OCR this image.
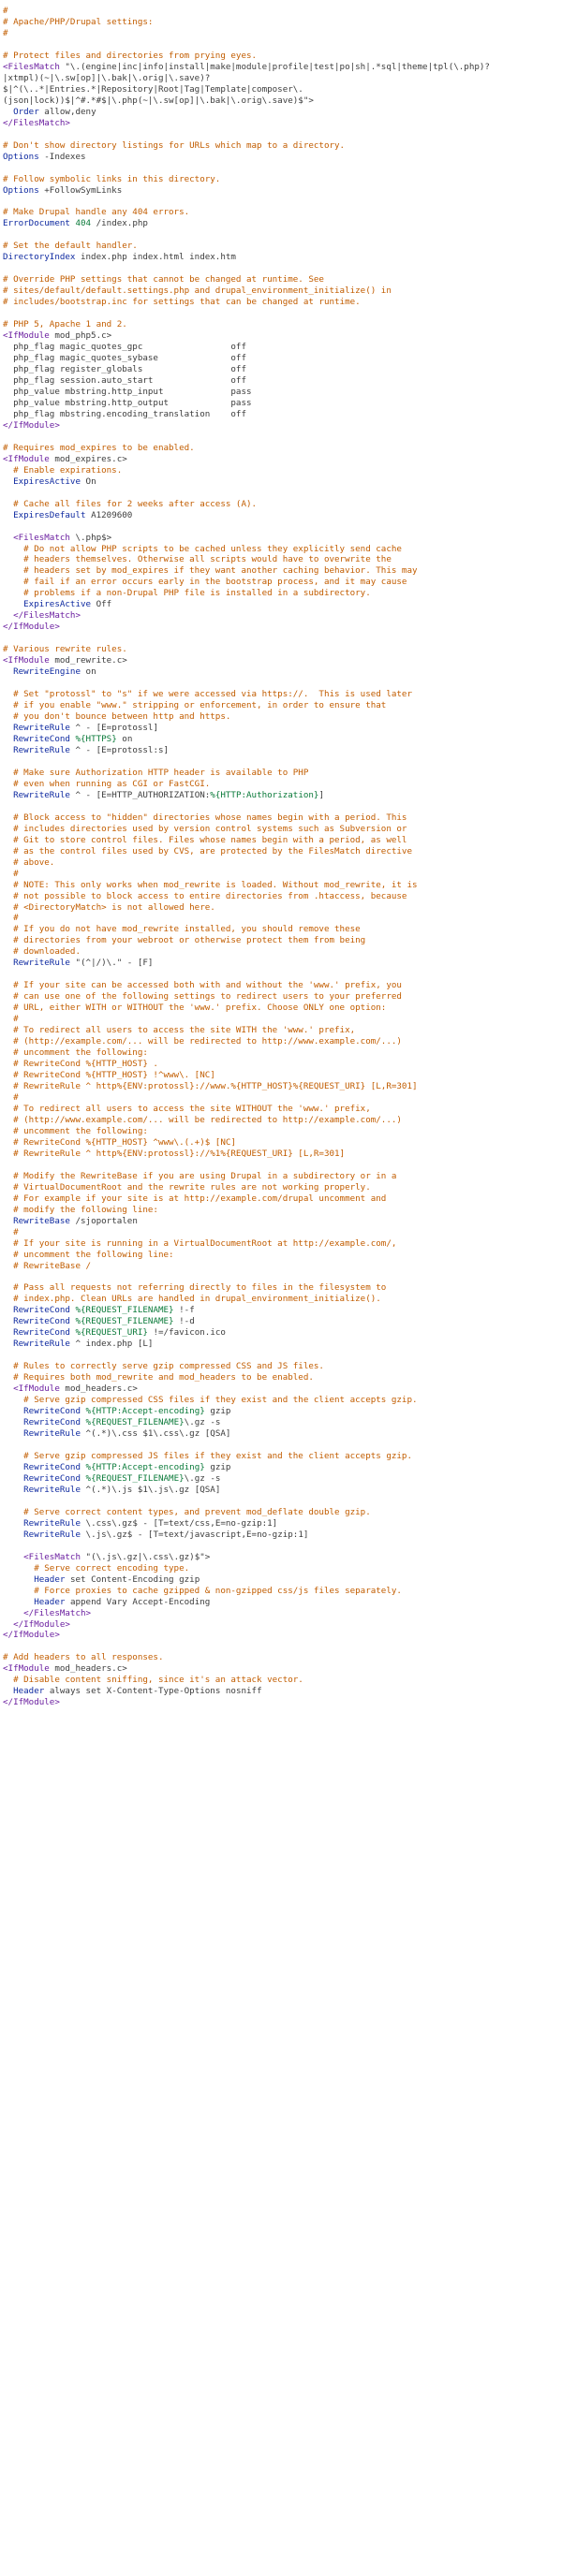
#
# Apache/PHP/Drupal settings:
#
# Protect files and directories from prying eyes.
<FilesMatch "\.(engine|inc|info|install|make|module|profile|test|po|sh|.*sql|theme|tpl(\.php)?
|xtmpl)(~|\.sw[op]|\.bak|\.orig|\.save)?
$|^(\..*|Entries.*|Repository|Root|Tag|Template|composer\.
(json|lock))$|^#.*#$|\.php(~|\.sw[op]|\.bak|\.orig\.save)$">
Order allow,deny
</FilesMatch>
# Don't show directory listings for URLs which map to a directory.
Options -Indexes
# Follow symbolic links in this directory.
Options +FollowSymLinks
# Make Drupal handle any 404 errors.
ErrorDocument 404 /index.php
# Set the default handler.
DirectoryIndex index.php index.html index.htm
# Override PHP settings that cannot be changed at runtime. See
# sites/default/default.settings.php and drupal_environment_initialize() in
# includes/bootstrap.inc for settings that can be changed at runtime.
# PHP 5, Apache 1 and 2.
<IfModule mod_php5.c>
php_flag magic_quotes_gpc                 off
php_flag magic_quotes_sybase              off
php_flag register_globals                 off
php_flag session.auto_start               off
php_value mbstring.http_input             pass
php_value mbstring.http_output            pass
php_flag mbstring.encoding_translation    off
</IfModule>
# Requires mod_expires to be enabled.
<IfModule mod_expires.c>
# Enable expirations.
ExpiresActive On
# Cache all files for 2 weeks after access (A).
ExpiresDefault A1209600
<FilesMatch \.php$>
# Do not allow PHP scripts to be cached unless they explicitly send cache
# headers themselves. Otherwise all scripts would have to overwrite the
# headers set by mod_expires if they want another caching behavior. This may
# fail if an error occurs early in the bootstrap process, and it may cause
# problems if a non-Drupal PHP file is installed in a subdirectory.
ExpiresActive Off
</FilesMatch>
</IfModule>
# Various rewrite rules.
<IfModule mod_rewrite.c>
RewriteEngine on
# Set "protossl" to "s" if we were accessed via https://.  This is used later
# if you enable "www." stripping or enforcement, in order to ensure that
# you don't bounce between http and https.
RewriteRule ^ - [E=protossl]
RewriteCond %{HTTPS} on
RewriteRule ^ - [E=protossl:s]
# Make sure Authorization HTTP header is available to PHP
# even when running as CGI or FastCGI.
RewriteRule ^ - [E=HTTP_AUTHORIZATION:%{HTTP:Authorization}]
# Block access to "hidden" directories whose names begin with a period. This
# includes directories used by version control systems such as Subversion or
# Git to store control files. Files whose names begin with a period, as well
# as the control files used by CVS, are protected by the FilesMatch directive
# above.
#
# NOTE: This only works when mod_rewrite is loaded. Without mod_rewrite, it is
# not possible to block access to entire directories from .htaccess, because
# <DirectoryMatch> is not allowed here.
#
# If you do not have mod_rewrite installed, you should remove these
# directories from your webroot or otherwise protect them from being
# downloaded.
RewriteRule "(^|/)\." - [F]
# If your site can be accessed both with and without the 'www.' prefix, you
# can use one of the following settings to redirect users to your preferred
# URL, either WITH or WITHOUT the 'www.' prefix. Choose ONLY one option:
#
# To redirect all users to access the site WITH the 'www.' prefix,
# (http://example.com/... will be redirected to http://www.example.com/...)
# uncomment the following:
# RewriteCond %{HTTP_HOST} .
# RewriteCond %{HTTP_HOST} !^www\. [NC]
# RewriteRule ^ http%{ENV:protossl}://www.%{HTTP_HOST}%{REQUEST_URI} [L,R=301]
#
# To redirect all users to access the site WITHOUT the 'www.' prefix,
# (http://www.example.com/... will be redirected to http://example.com/...)
# uncomment the following:
# RewriteCond %{HTTP_HOST} ^www\.(.+)$ [NC]
# RewriteRule ^ http%{ENV:protossl}://%1%{REQUEST_URI} [L,R=301]
# Modify the RewriteBase if you are using Drupal in a subdirectory or in a
# VirtualDocumentRoot and the rewrite rules are not working properly.
# For example if your site is at http://example.com/drupal uncomment and
# modify the following line:
RewriteBase /sjoportalen
#
# If your site is running in a VirtualDocumentRoot at http://example.com/,
# uncomment the following line:
# RewriteBase /
# Pass all requests not referring directly to files in the filesystem to
# index.php. Clean URLs are handled in drupal_environment_initialize().
RewriteCond %{REQUEST_FILENAME} !-f
RewriteCond %{REQUEST_FILENAME} !-d
RewriteCond %{REQUEST_URI} !=/favicon.ico
RewriteRule ^ index.php [L]
# Rules to correctly serve gzip compressed CSS and JS files.
# Requires both mod_rewrite and mod_headers to be enabled.
<IfModule mod_headers.c>
# Serve gzip compressed CSS files if they exist and the client accepts gzip.
RewriteCond %{HTTP:Accept-encoding} gzip
RewriteCond %{REQUEST_FILENAME}\.gz -s
RewriteRule ^(.*)\.css $1\.css\.gz [QSA]
# Serve gzip compressed JS files if they exist and the client accepts gzip.
RewriteCond %{HTTP:Accept-encoding} gzip
RewriteCond %{REQUEST_FILENAME}\.gz -s
RewriteRule ^(.*)\.js $1\.js\.gz [QSA]
# Serve correct content types, and prevent mod_deflate double gzip.
RewriteRule \.css\.gz$ - [T=text/css,E=no-gzip:1]
RewriteRule \.js\.gz$ - [T=text/javascript,E=no-gzip:1]
<FilesMatch "(\.js\.gz|\.css\.gz)$">
# Serve correct encoding type.
Header set Content-Encoding gzip
# Force proxies to cache gzipped & non-gzipped css/js files separately.
Header append Vary Accept-Encoding
</FilesMatch>
</IfModule>
</IfModule>
# Add headers to all responses.
<IfModule mod_headers.c>
# Disable content sniffing, since it's an attack vector.
Header always set X-Content-Type-Options nosniff
</IfModule>
